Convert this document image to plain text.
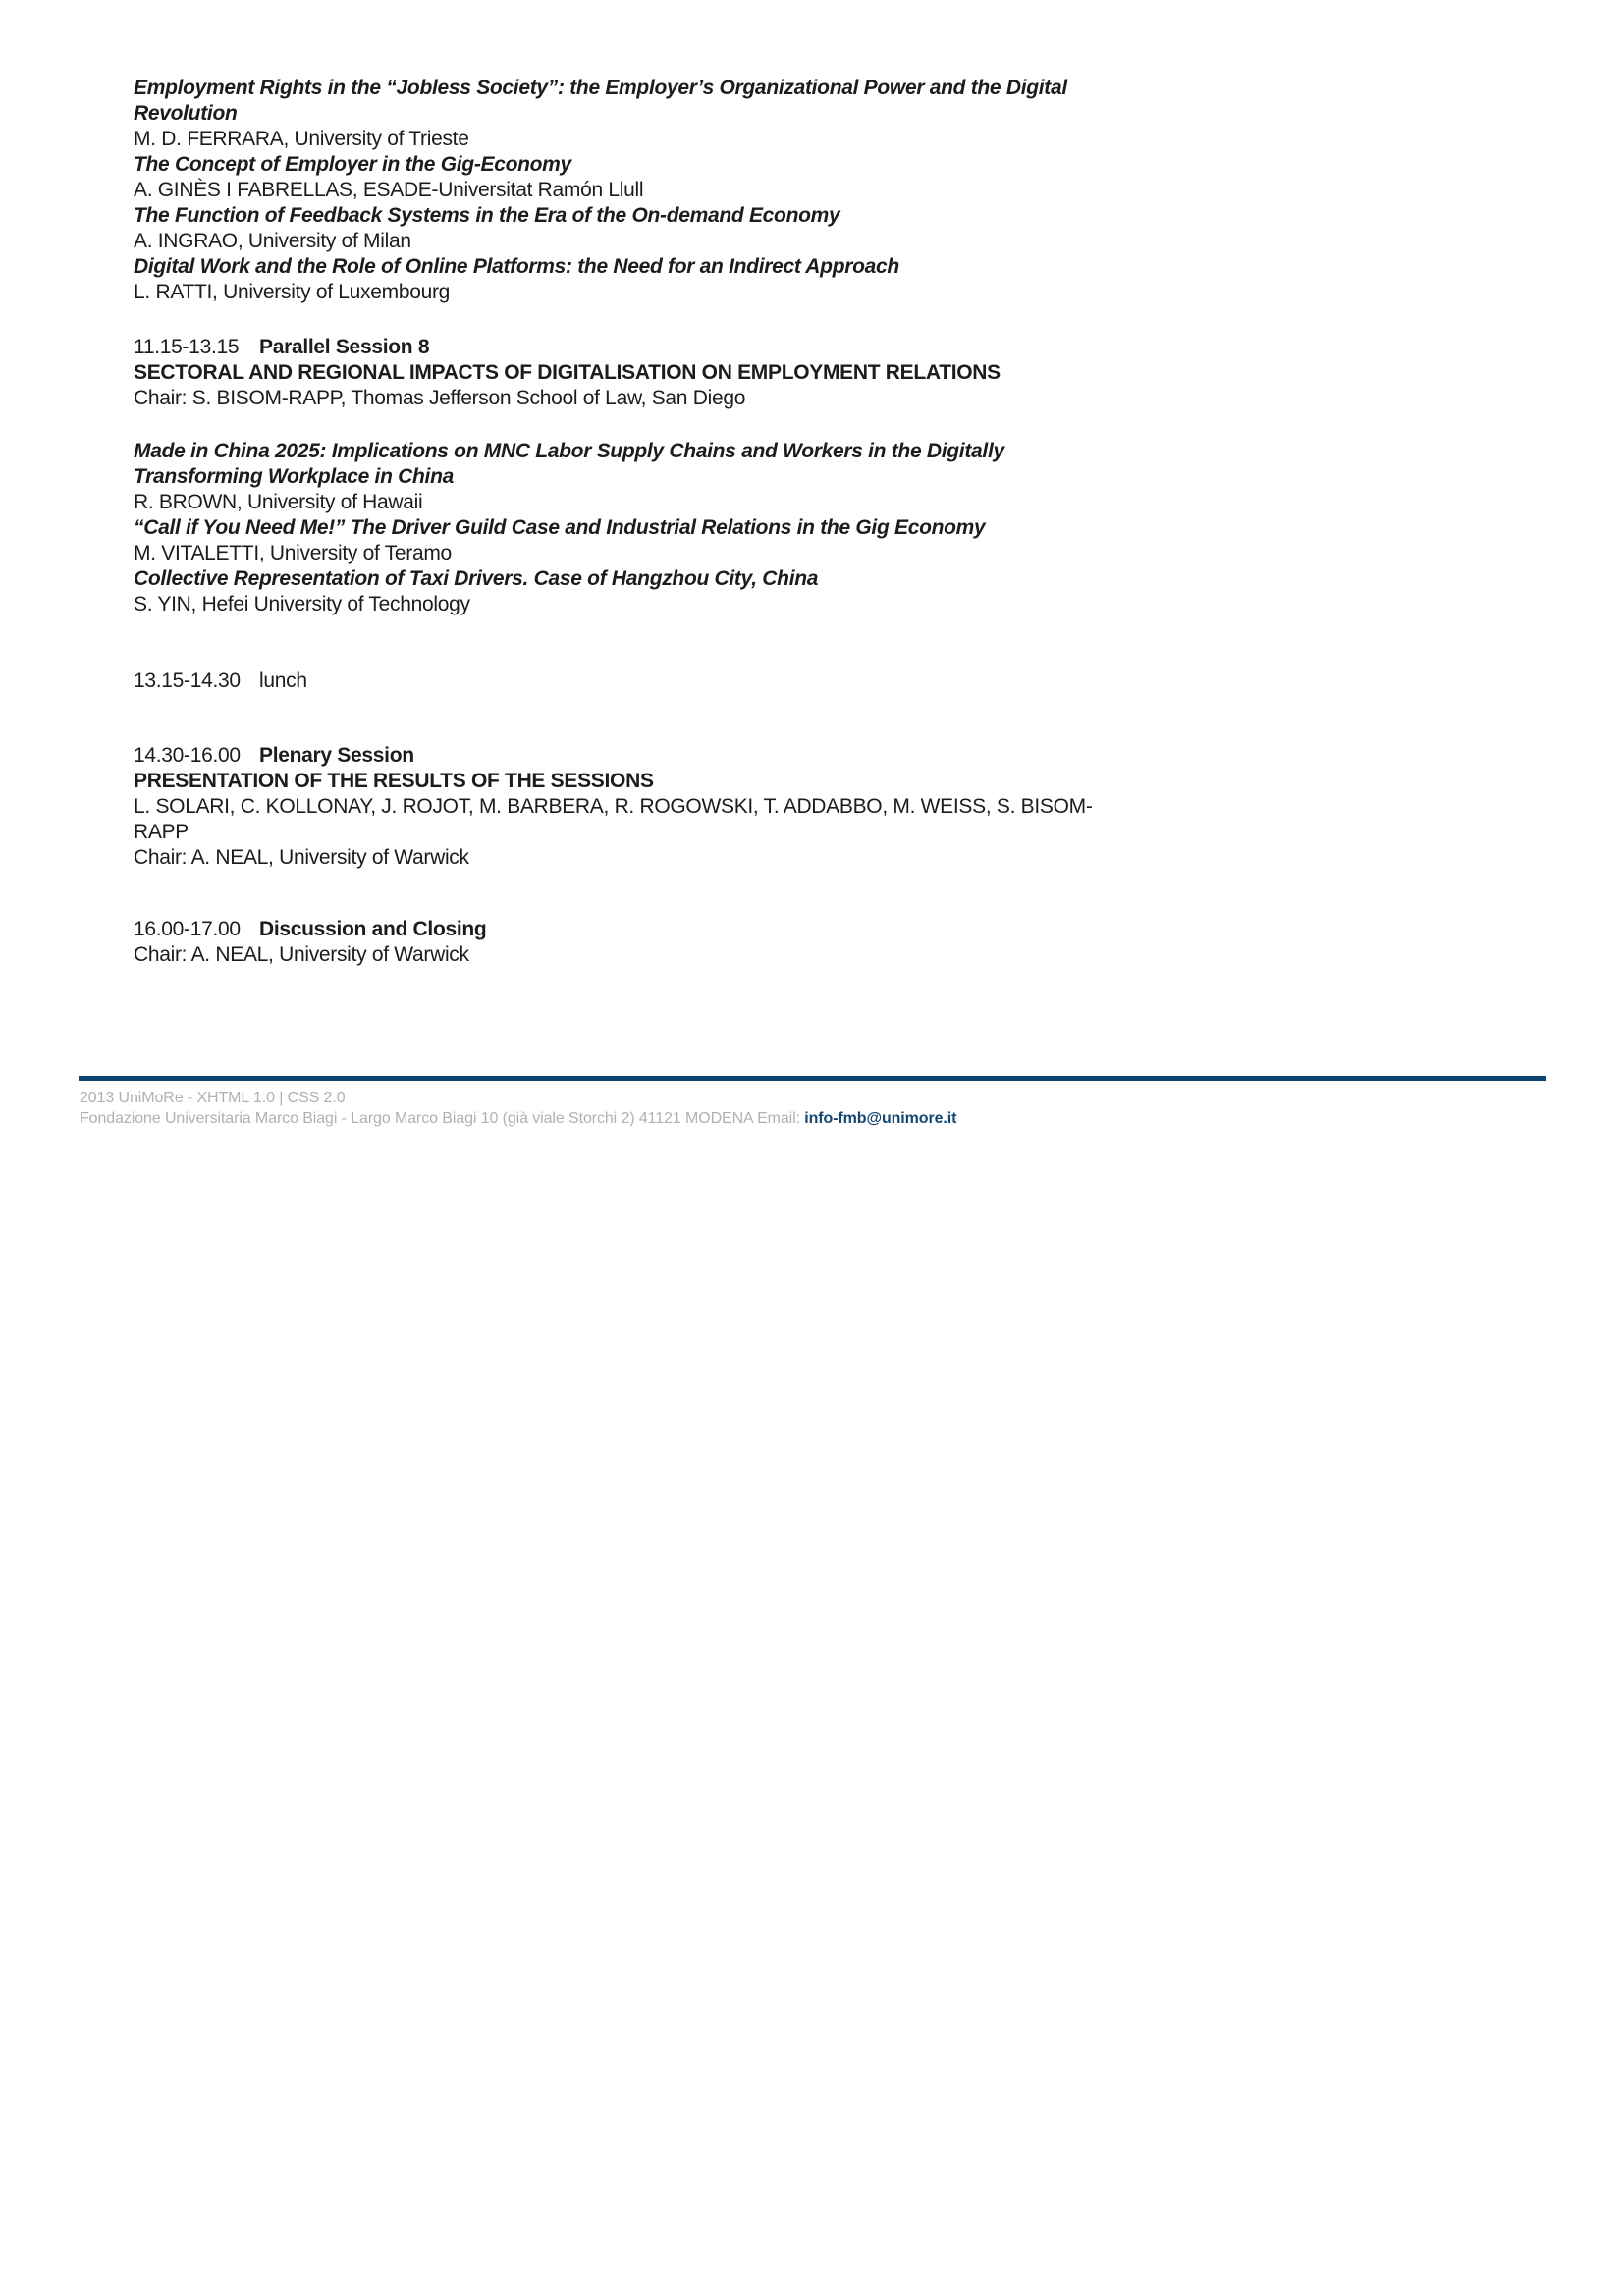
Employment Rights in the “Jobless Society”: the Employer’s Organizational Power and the Digital
Revolution
M. D. FERRARA, University of Trieste
The Concept of Employer in the Gig-Economy
A. GINÈS I FABRELLAS, ESADE-Universitat Ramón Llull
The Function of Feedback Systems in the Era of the On-demand Economy
A. INGRAO, University of Milan
Digital Work and the Role of Online Platforms: the Need for an Indirect Approach
L. RATTI, University of Luxembourg
11.15-13.15 Parallel Session 8
SECTORAL AND REGIONAL IMPACTS OF DIGITALISATION ON EMPLOYMENT RELATIONS
Chair: S. BISOM-RAPP, Thomas Jefferson School of Law, San Diego
Made in China 2025: Implications on MNC Labor Supply Chains and Workers in the Digitally
Transforming Workplace in China
R. BROWN, University of Hawaii
“Call if You Need Me!” The Driver Guild Case and Industrial Relations in the Gig Economy
M. VITALETTI, University of Teramo
Collective Representation of Taxi Drivers. Case of Hangzhou City, China
S. YIN, Hefei University of Technology
13.15-14.30 lunch
14.30-16.00 Plenary Session
PRESENTATION OF THE RESULTS OF THE SESSIONS
L. SOLARI, C. KOLLONAY, J. ROJOT, M. BARBERA, R. ROGOWSKI, T. ADDABBO, M. WEISS, S. BISOM-
RAPP
Chair: A. NEAL, University of Warwick
16.00-17.00 Discussion and Closing
Chair: A. NEAL, University of Warwick
2013 UniMoRe - XHTML 1.0 | CSS 2.0
Fondazione Universitaria Marco Biagi - Largo Marco Biagi 10 (già viale Storchi 2) 41121 MODENA Email: info-fmb@unimore.it
